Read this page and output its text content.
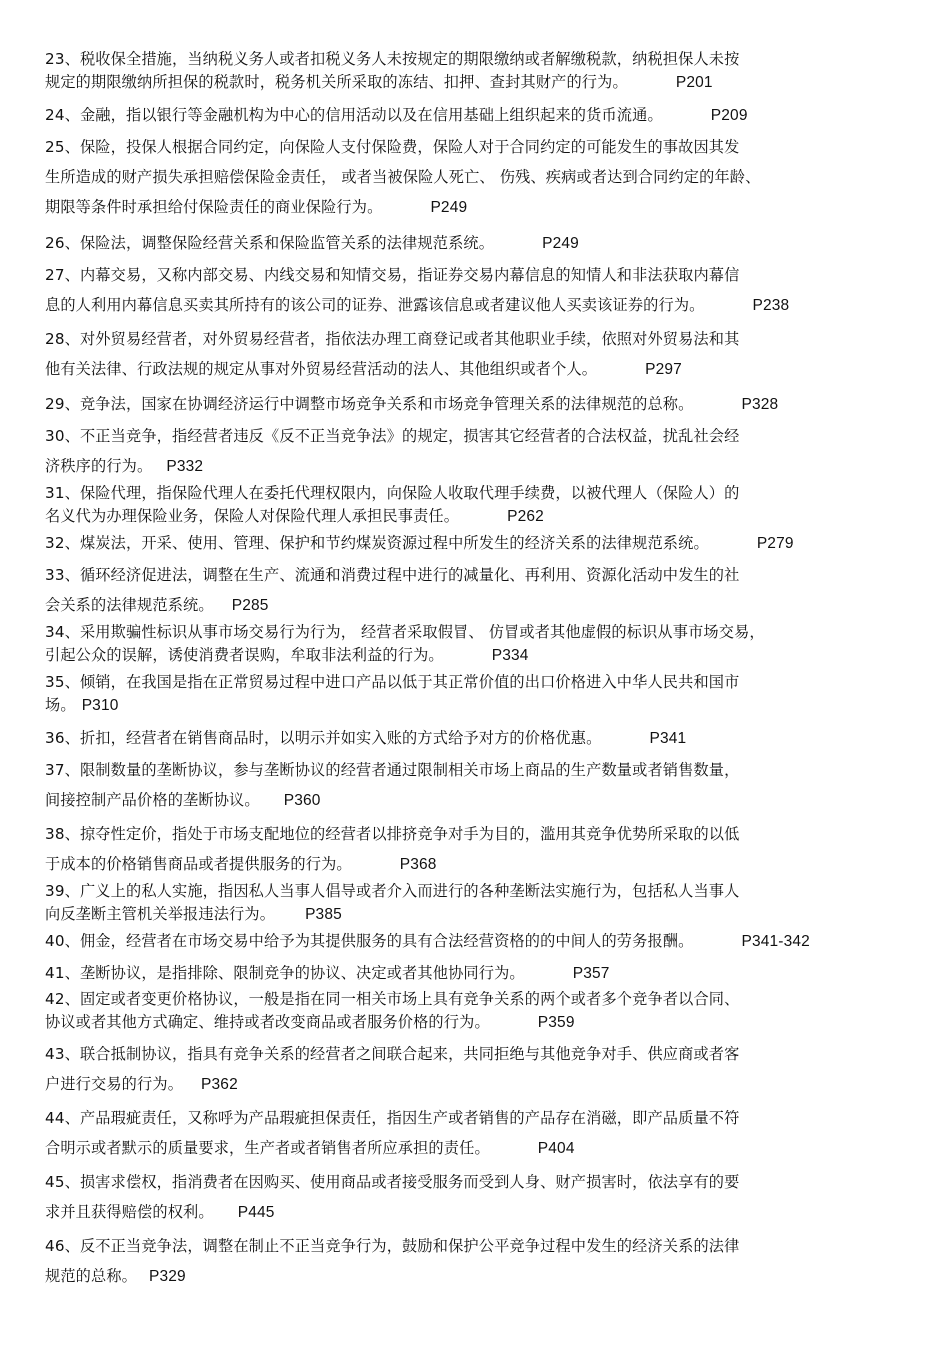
23、税收保全措施，当纳税义务人或者扣税义务人未按规定的期限缴纳或者解缴税款，纳税担保人未按
规定的期限缴纳所担保的税款时，税务机关所采取的冻结、扣押、查封其财产的行为。	P201
24、金融，指以银行等金融机构为中心的信用活动以及在信用基础上组织起来的货币流通。	P209
25、保险，投保人根据合同约定，向保险人支付保险费，保险人对于合同约定的可能发生的事故因其发
生所造成的财产损失承担赔偿保险金责任， 或者当被保险人死亡、 伤残、疾病或者达到合同约定的年龄、
期限等条件时承担给付保险责任的商业保险行为。	P249
26、保险法，调整保险经营关系和保险监管关系的法律规范系统。	P249
27、内幕交易，又称内部交易、内线交易和知情交易，指证券交易内幕信息的知情人和非法获取内幕信
息的人利用内幕信息买卖其所持有的该公司的证券、泄露该信息或者建议他人买卖该证券的行为。	P238
28、对外贸易经营者，对外贸易经营者，指依法办理工商登记或者其他职业手续，依照对外贸易法和其
他有关法律、行政法规的规定从事对外贸易经营活动的法人、其他组织或者个人。	P297
29、竞争法，国家在协调经济运行中调整市场竞争关系和市场竞争管理关系的法律规范的总称。	P328
30、不正当竞争，指经营者违反《反不正当竞争法》的规定，损害其它经营者的合法权益，扰乱社会经
济秩序的行为。 P332
31、保险代理，指保险代理人在委托代理权限内，向保险人收取代理手续费，以被代理人（保险人）的
名义代为办理保险业务，保险人对保险代理人承担民事责任。	P262
32、煤炭法，开采、使用、管理、保护和节约煤炭资源过程中所发生的经济关系的法律规范系统。	P279
33、循环经济促进法，调整在生产、流通和消费过程中进行的减量化、再利用、资源化活动中发生的社
会关系的法律规范系统。 P285
34、采用欺骗性标识从事市场交易行为行为， 经营者采取假冒、 仿冒或者其他虚假的标识从事市场交易，
引起公众的误解，诱使消费者误购，牟取非法利益的行为。	P334
35、倾销，在我国是指在正常贸易过程中进口产品以低于其正常价值的出口价格进入中华人民共和国市
场。 P310
36、折扣，经营者在销售商品时，以明示并如实入账的方式给予对方的价格优惠。	P341
37、限制数量的垄断协议，参与垄断协议的经营者通过限制相关市场上商品的生产数量或者销售数量，
间接控制产品价格的垄断协议。 P360
38、掠夺性定价，指处于市场支配地位的经营者以排挤竞争对手为目的，滥用其竞争优势所采取的以低
于成本的价格销售商品或者提供服务的行为。	P368
39、广义上的私人实施，指因私人当事人倡导或者介入而进行的各种垄断法实施行为，包括私人当事人
向反垄断主管机关举报违法行为。 P385
40、佣金，经营者在市场交易中给予为其提供服务的具有合法经营资格的的中间人的劳务报酬。	P341-342
41、垄断协议，是指排除、限制竞争的协议、决定或者其他协同行为。	P357
42、固定或者变更价格协议，一般是指在同一相关市场上具有竞争关系的两个或者多个竞争者以合同、
协议或者其他方式确定、维持或者改变商品或者服务价格的行为。	P359
43、联合抵制协议，指具有竞争关系的经营者之间联合起来，共同拒绝与其他竞争对手、供应商或者客
户进行交易的行为。 P362
44、产品瑕疵责任，又称呼为产品瑕疵担保责任，指因生产或者销售的产品存在消磁，即产品质量不符
合明示或者默示的质量要求，生产者或者销售者所应承担的责任。	P404
45、损害求偿权，指消费者在因购买、使用商品或者接受服务而受到人身、财产损害时，依法享有的要
求并且获得赔偿的权利。 P445
46、反不正当竞争法，调整在制止不正当竞争行为，鼓励和保护公平竞争过程中发生的经济关系的法律
规范的总称。 P329
